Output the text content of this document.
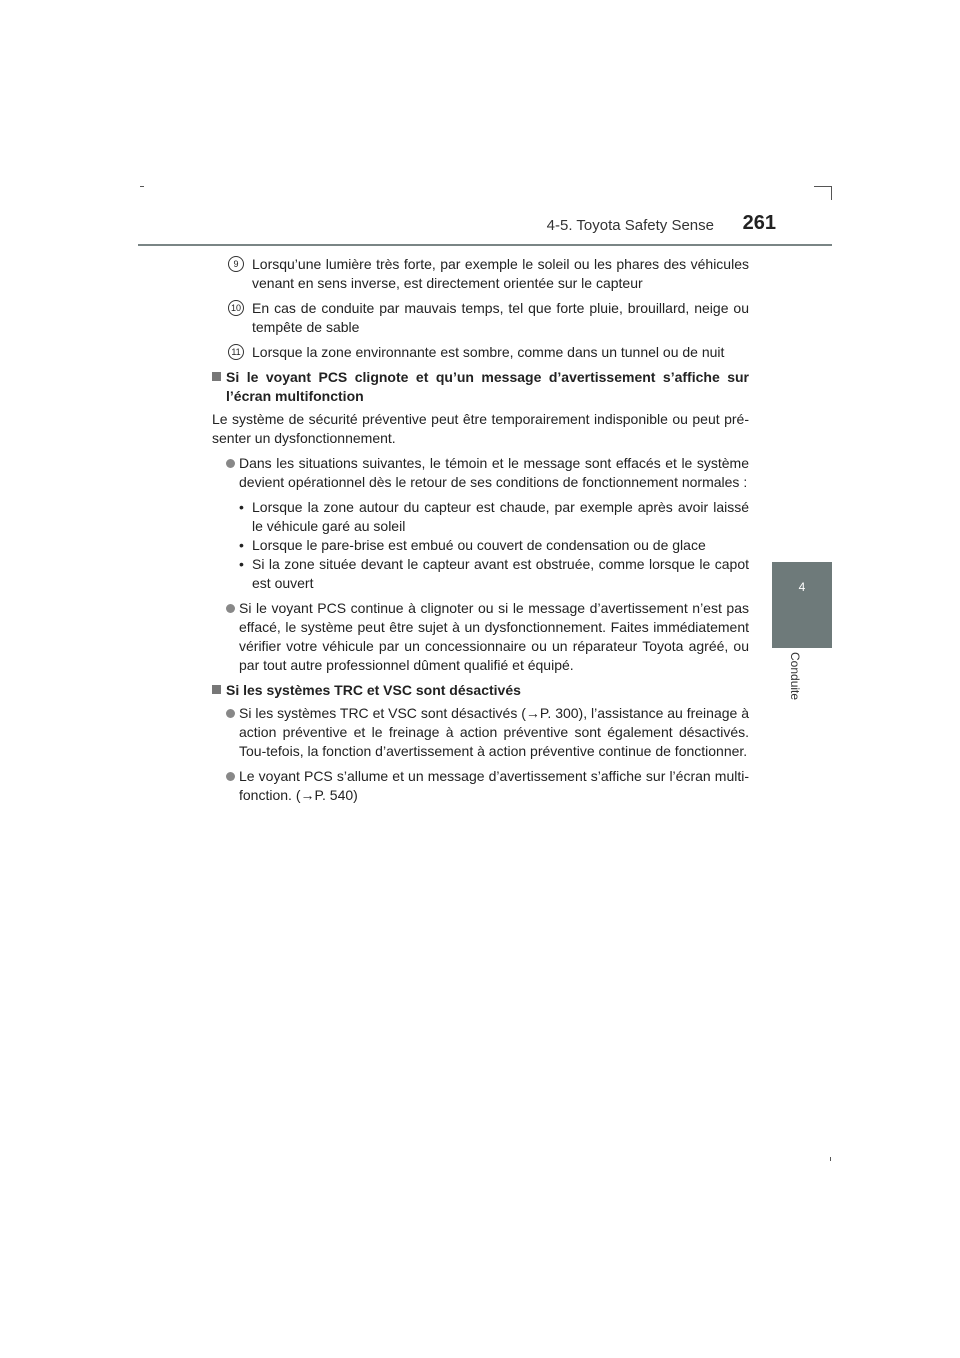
4-5. Toyota Safety Sense	261
4
Conduite
9 Lorsqu’une lumière très forte, par exemple le soleil ou les phares des véhicules venant en sens inverse, est directement orientée sur le capteur
10 En cas de conduite par mauvais temps, tel que forte pluie, brouillard, neige ou tempête de sable
11 Lorsque la zone environnante est sombre, comme dans un tunnel ou de nuit
Si le voyant PCS clignote et qu’un message d’avertissement s’affiche sur l’écran multifonction

Le système de sécurité préventive peut être temporairement indisponible ou peut pré-senter un dysfonctionnement.

Dans les situations suivantes, le témoin et le message sont effacés et le système devient opérationnel dès le retour de ses conditions de fonctionnement normales :
• Lorsque la zone autour du capteur est chaude, par exemple après avoir laissé le véhicule garé au soleil
• Lorsque le pare-brise est embué ou couvert de condensation ou de glace
• Si la zone située devant le capteur avant est obstruée, comme lorsque le capot est ouvert
Si le voyant PCS continue à clignoter ou si le message d’avertissement n’est pas effacé, le système peut être sujet à un dysfonctionnement. Faites immédiatement vérifier votre véhicule par un concessionnaire ou un réparateur Toyota agréé, ou par tout autre professionnel dûment qualifié et équipé.
Si les systèmes TRC et VSC sont désactivés
Si les systèmes TRC et VSC sont désactivés (→P. 300), l’assistance au freinage à action préventive et le freinage à action préventive sont également désactivés. Tou-tefois, la fonction d’avertissement à action préventive continue de fonctionner.
Le voyant PCS s’allume et un message d’avertissement s’affiche sur l’écran multi-fonction. (→P. 540)
